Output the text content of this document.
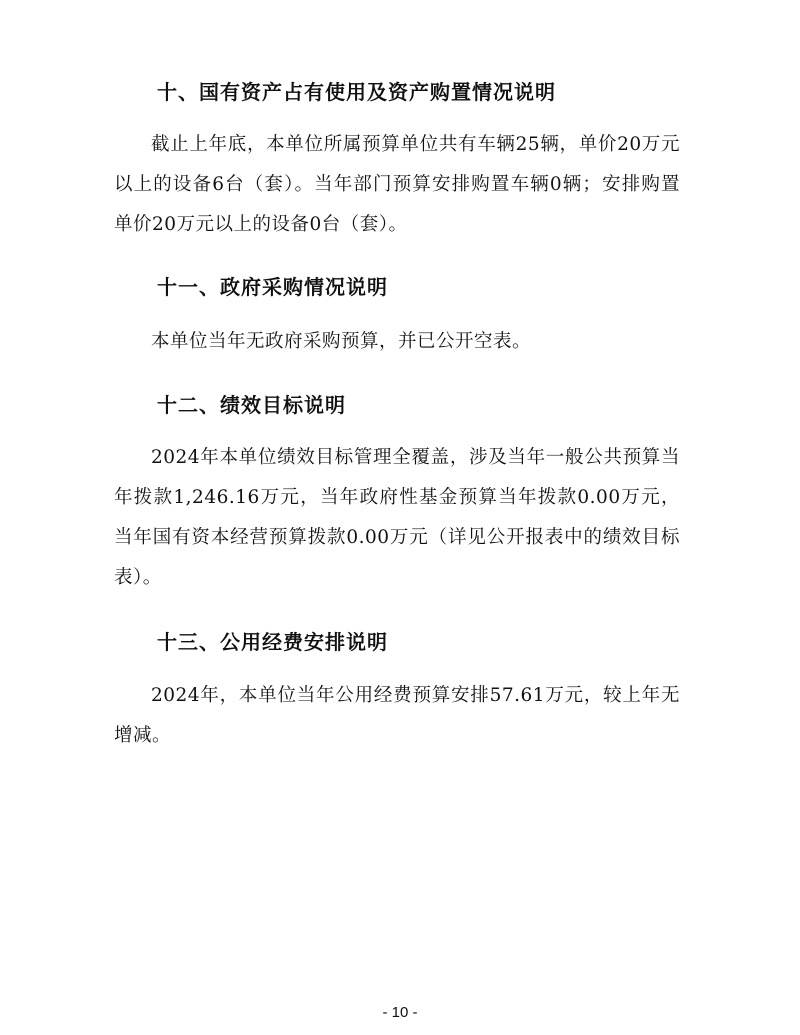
十、国有资产占有使用及资产购置情况说明

截止上年底，本单位所属预算单位共有车辆25辆，单价20万元以上的设备6台（套）。当年部门预算安排购置车辆0辆；安排购置单价20万元以上的设备0台（套）。

十一、政府采购情况说明

本单位当年无政府采购预算，并已公开空表。

十二、绩效目标说明

2024年本单位绩效目标管理全覆盖，涉及当年一般公共预算当年拨款1,246.16万元，当年政府性基金预算当年拨款0.00万元，当年国有资本经营预算拨款0.00万元（详见公开报表中的绩效目标表）。

十三、公用经费安排说明

2024年，本单位当年公用经费预算安排57.61万元，较上年无增减。

- 10 -
